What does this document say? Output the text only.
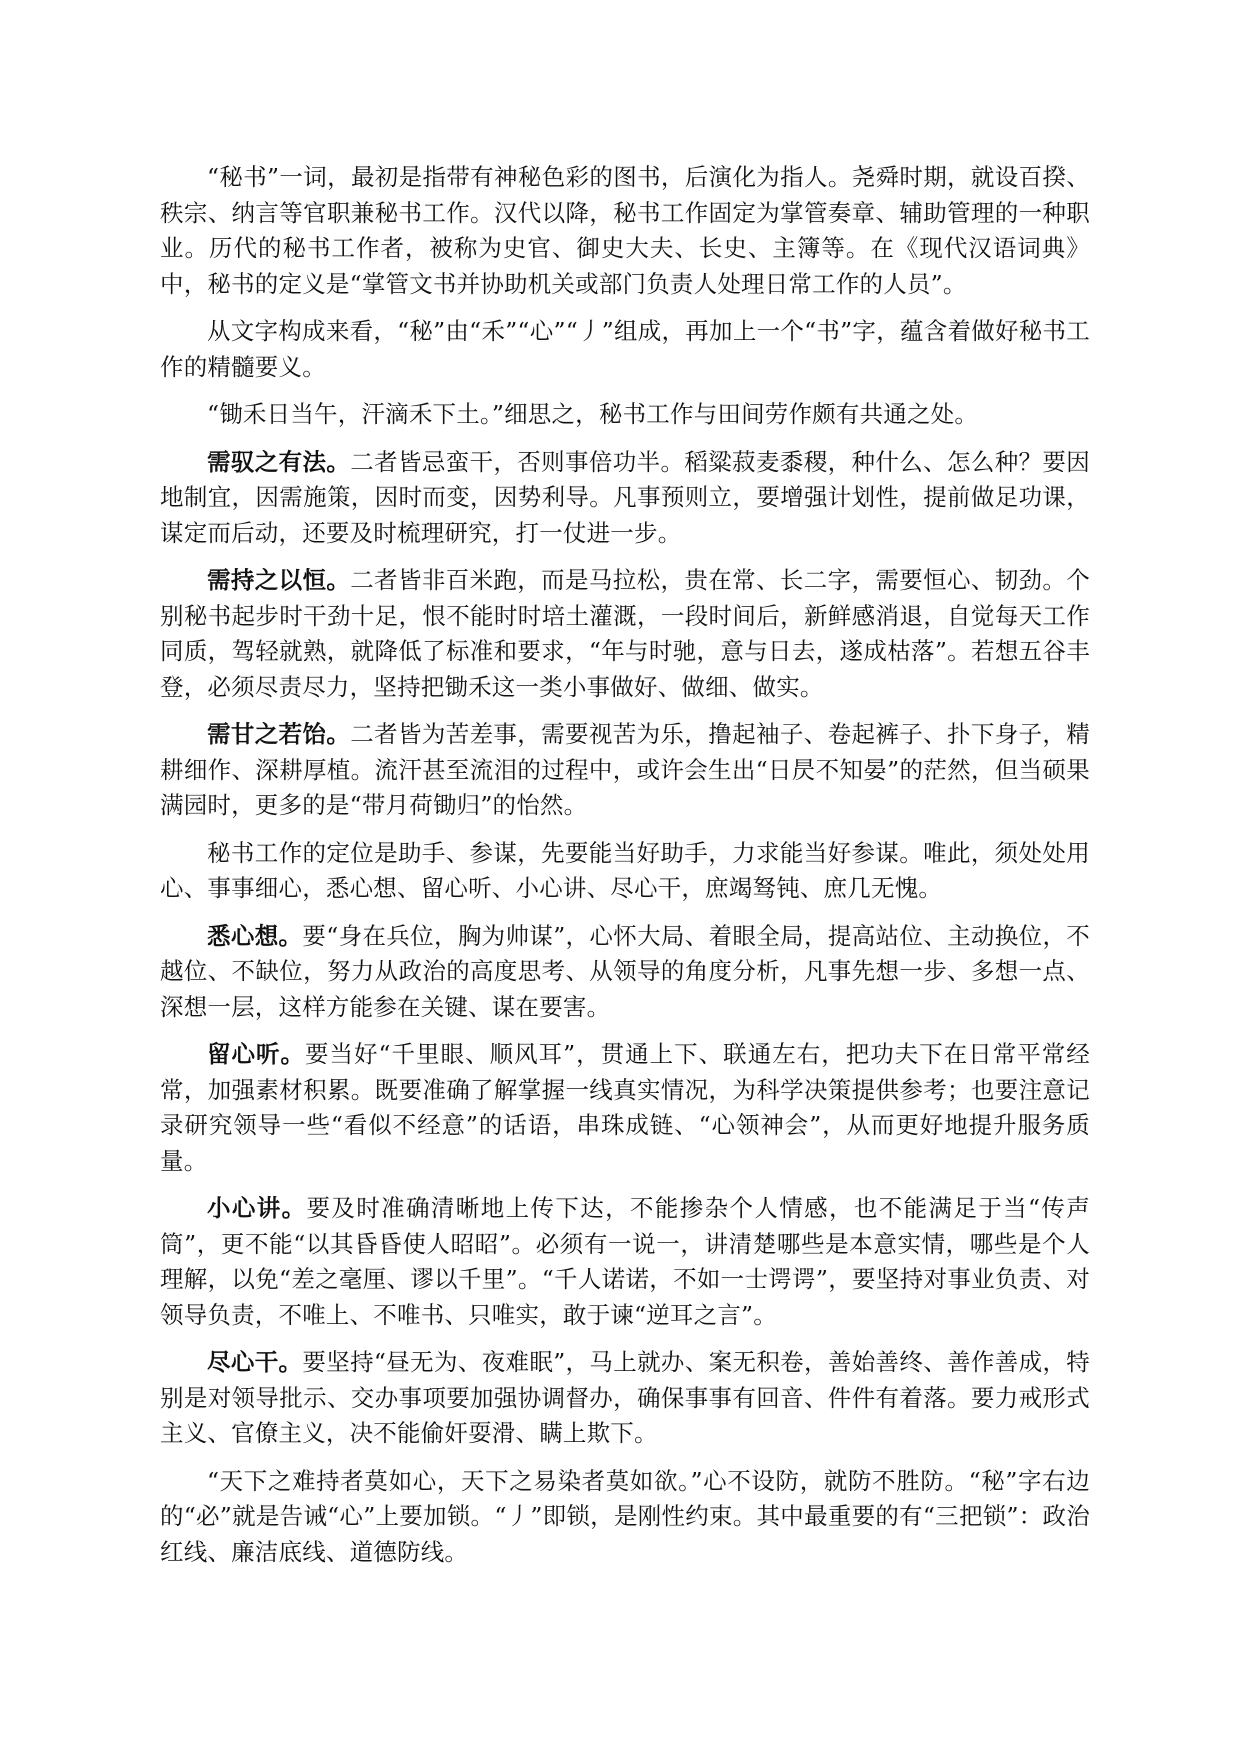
“秘书”一词，最初是指带有神秘色彩的图书，后演化为指人。尧舜时期，就设百揆、秩宗、纳言等官职兼秘书工作。汉代以降，秘书工作固定为掌管奏章、辅助管理的一种职业。历代的秘书工作者，被称为史官、御史大夫、长史、主簿等。在《现代汉语词典》中，秘书的定义是“掌管文书并协助机关或部门负责人处理日常工作的人员”。

从文字构成来看，“秘”由“禾”“心”“丿”组成，再加上一个“书”字，蕴含着做好秘书工作的精髓要义。

“锄禾日当午，汗滴禾下土。”细思之，秘书工作与田间劳作颇有共通之处。

需驭之有法。二者皆忌蛮干，否则事倍功半。稻粱菽麦黍稷，种什么、怎么种？要因地制宜，因需施策，因时而变，因势利导。凡事预则立，要增强计划性，提前做足功课，谋定而后动，还要及时梳理研究，打一仗进一步。

需持之以恒。二者皆非百米跑，而是马拉松，贵在常、长二字，需要恒心、韧劲。个别秘书起步时干劲十足，恨不能时时培土灌溉，一段时间后，新鲜感消退，自觉每天工作同质，驾轻就熟，就降低了标准和要求，“年与时驰，意与日去，遂成枯落”。若想五谷丰登，必须尽责尽力，坚持把锄禾这一类小事做好、做细、做实。

需甘之若饴。二者皆为苦差事，需要视苦为乐，撸起袖子、卷起裤子、扑下身子，精耕细作、深耕厚植。流汗甚至流泪的过程中，或许会生出“日昃不知晏”的茫然，但当硕果满园时，更多的是“带月荷锄归”的怡然。

秘书工作的定位是助手、参谋，先要能当好助手，力求能当好参谋。唯此，须处处用心、事事细心，悉心想、留心听、小心讲、尽心干，庶竭驽钝、庶几无愧。

悉心想。要“身在兵位，胸为帅谋”，心怀大局、着眼全局，提高站位、主动换位，不越位、不缺位，努力从政治的高度思考、从领导的角度分析，凡事先想一步、多想一点、深想一层，这样方能参在关键、谋在要害。

留心听。要当好“千里眼、顺风耳”，贯通上下、联通左右，把功夫下在日常平常经常，加强素材积累。既要准确了解掌握一线真实情况，为科学决策提供参考；也要注意记录研究领导一些“看似不经意”的话语，串珠成链、“心领神会”，从而更好地提升服务质量。

小心讲。要及时准确清晰地上传下达，不能掺杂个人情感，也不能满足于当“传声筒”，更不能“以其昏昏使人昭昭”。必须有一说一，讲清楚哪些是本意实情，哪些是个人理解，以免“差之毫厘、谬以千里”。“千人诺诺，不如一士谔谔”，要坚持对事业负责、对领导负责，不唯上、不唯书、只唯实，敢于谏“逆耳之言”。

尽心干。要坚持“昼无为、夜难眠”，马上就办、案无积卷，善始善终、善作善成，特别是对领导批示、交办事项要加强协调督办，确保事事有回音、件件有着落。要力戒形式主义、官僚主义，决不能偷奸耍滑、瞒上欺下。

“天下之难持者莫如心，天下之易染者莫如欲。”心不设防，就防不胜防。“秘”字右边的“必”就是告诫“心”上要加锁。“丿”即锁，是刚性约束。其中最重要的有“三把锁”：政治红线、廉洁底线、道德防线。
